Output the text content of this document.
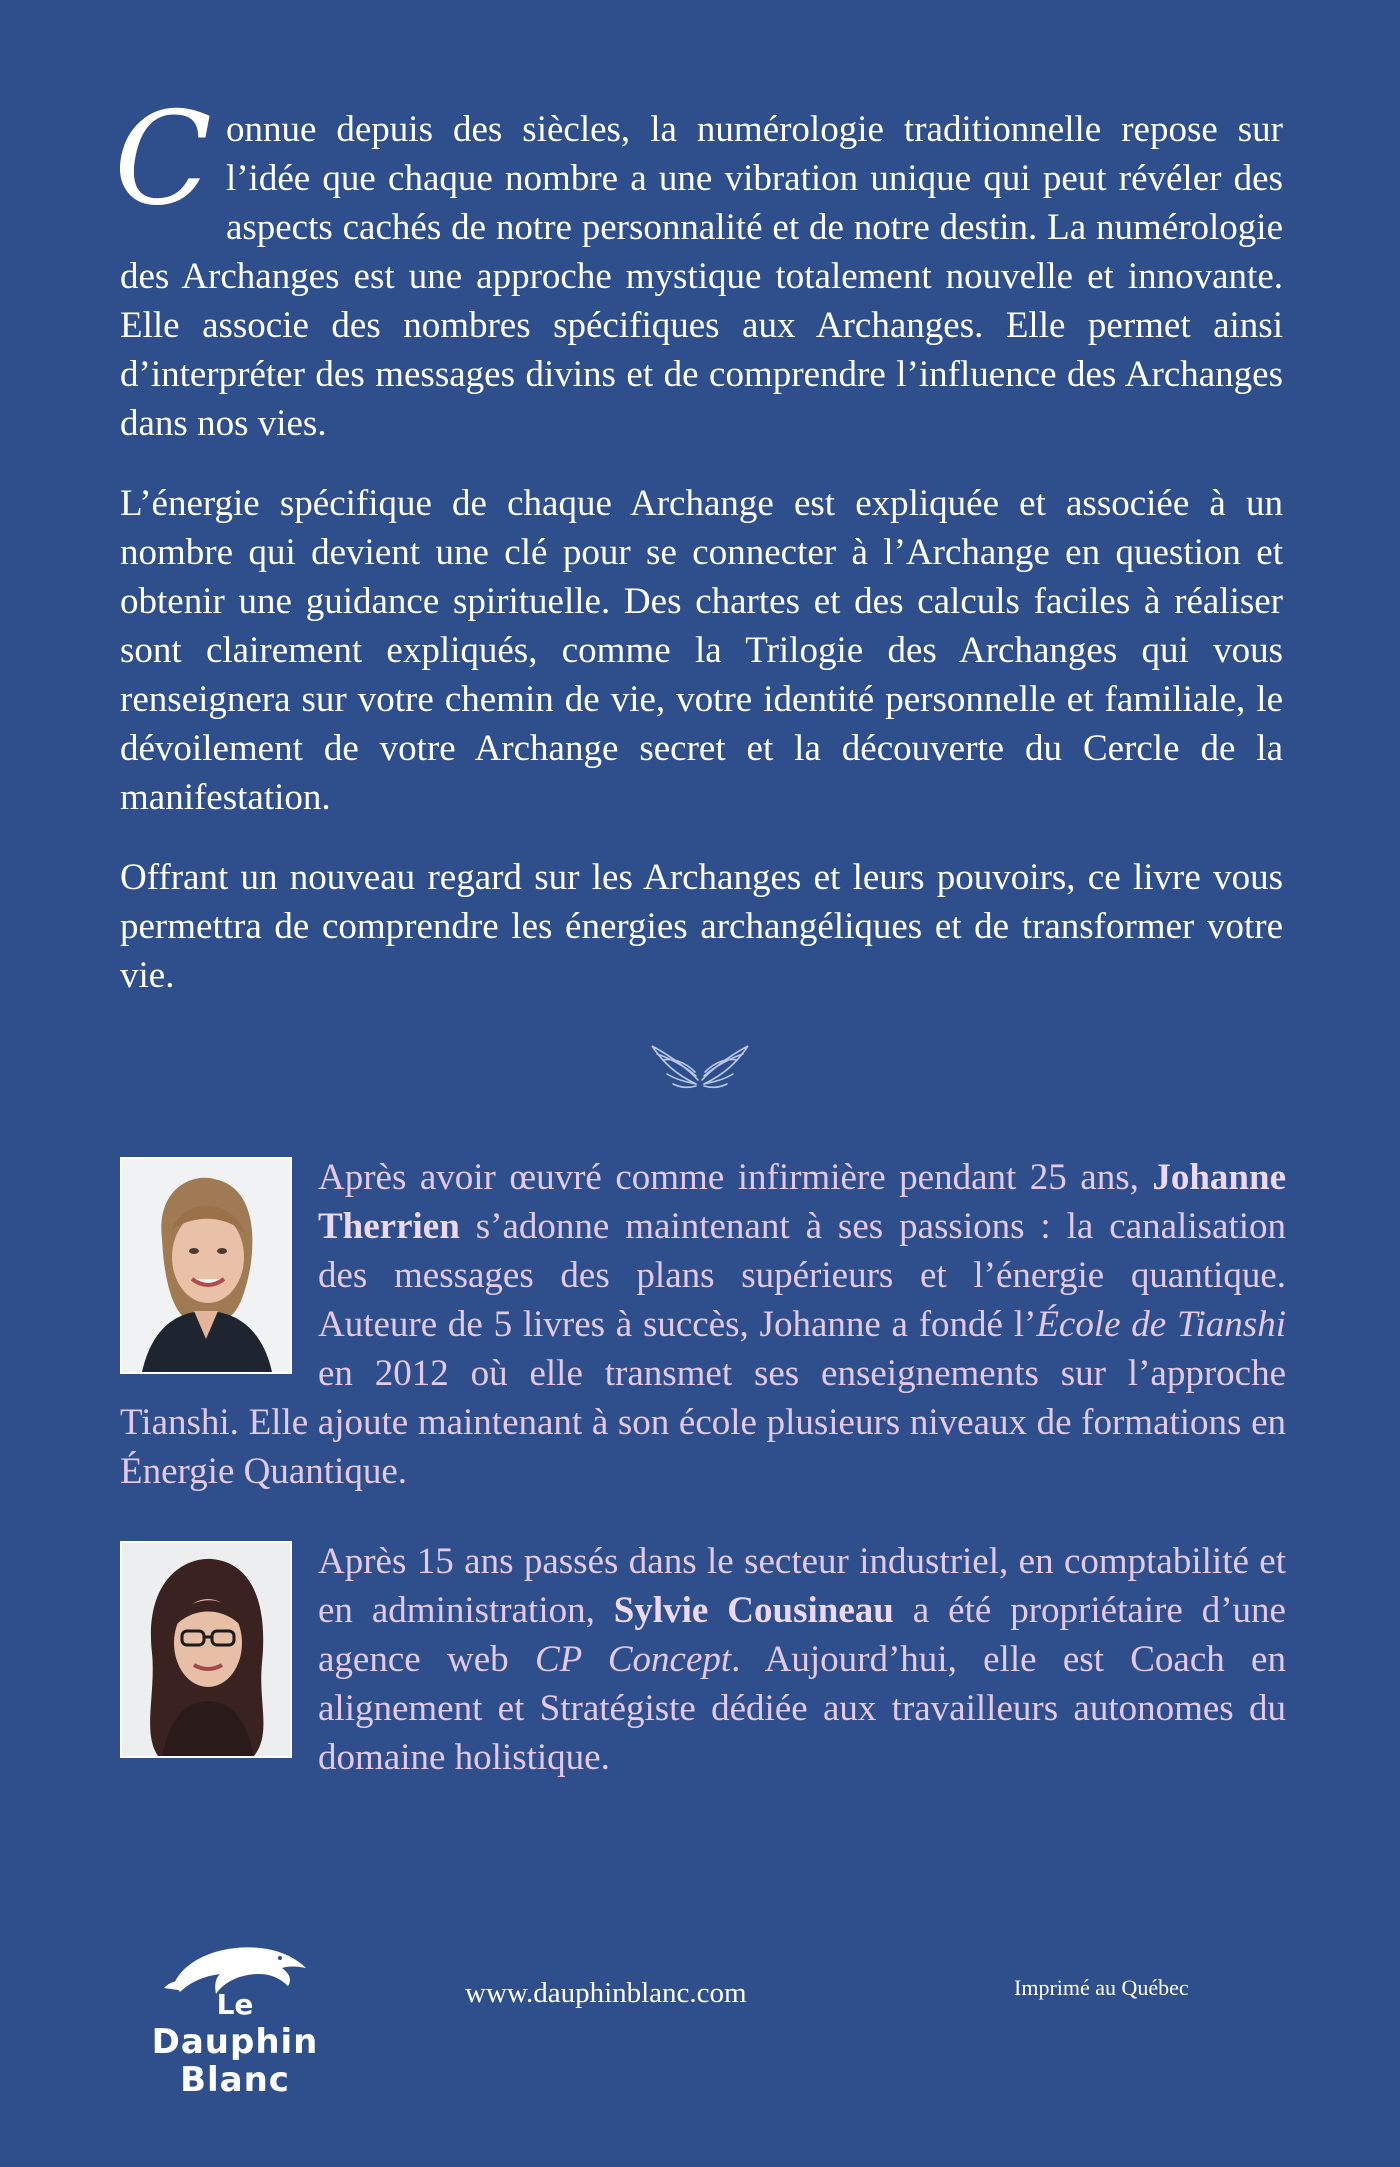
Connue depuis des siècles, la numérologie traditionnelle repose sur l’idée que chaque nombre a une vibration unique qui peut révéler des aspects cachés de notre personnalité et de notre destin. La numérologie des Archanges est une approche mystique totalement nouvelle et innovante. Elle associe des nombres spécifiques aux Archanges. Elle permet ainsi d’interpréter des messages divins et de comprendre l’influence des Archanges dans nos vies.

L’énergie spécifique de chaque Archange est expliquée et associée à un nombre qui devient une clé pour se connecter à l’Archange en question et obtenir une guidance spirituelle. Des chartes et des calculs faciles à réaliser sont clairement expliqués, comme la Trilogie des Archanges qui vous renseignera sur votre chemin de vie, votre identité personnelle et familiale, le dévoilement de votre Archange secret et la découverte du Cercle de la manifestation.

Offrant un nouveau regard sur les Archanges et leurs pouvoirs, ce livre vous permettra de comprendre les énergies archangéliques et de transformer votre vie.

Après avoir œuvré comme infirmière pendant 25 ans, Johanne Therrien s’adonne maintenant à ses passions : la canalisation des messages des plans supérieurs et l’énergie quantique. Auteure de 5 livres à succès, Johanne a fondé l’École de Tianshi en 2012 où elle transmet ses enseignements sur l’approche Tianshi. Elle ajoute maintenant à son école plusieurs niveaux de formations en Énergie Quantique.
Après 15 ans passés dans le secteur industriel, en comptabilité et en administration, Sylvie Cousineau a été propriétaire d’une agence web CP Concept. Aujourd’hui, elle est Coach en alignement et Stratégiste dédiée aux travailleurs autonomes du domaine holistique.
Le
Dauphin
Blanc
www.dauphinblanc.com	Imprimé au Québec
